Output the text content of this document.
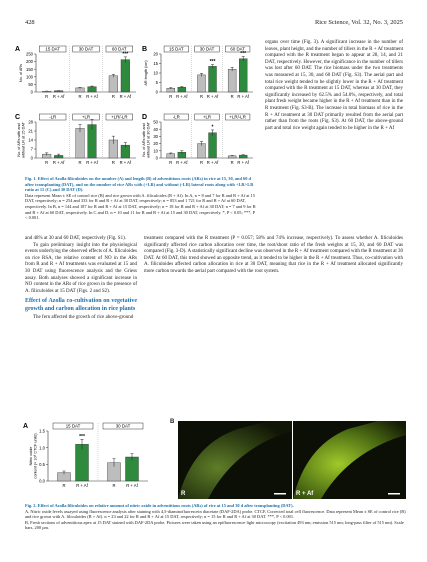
428	Rice Science, Vol. 32, No. 3, 2025
A
0
50
100
150
200
250
No. of ARs
15 DAT	30 DAT	60 DAT
R R + Af	R R + Af	R
***
R + Af
B
0
5
10
15
20
AR length (cm)
15 DAT	30 DAT	60 DAT
R R + Af	R
***
R + Af	R
***
R + Af
C
0
7
14
21
28
No. of ARs with andwithout LR at 15 DAT
-LR	+LR	+LR/-LR
R R + Af	R R + Af	R R + Af
D
0
10
20
30
40
50
No. of ARs with andwithout LR at 30 DAT
-LR	+LR	+LR/-LR
R R + Af	R
*
R + Af	R R + Af
Fig. 1. Effect of Azolla filiculoides on the number (A) and length (B) of adventitious roots (ARs) in rice at 15, 30, and 60 d after transplanting (DAT), and on the number of rice ARs with (+LR) and without (-LR) lateral roots along with +LR/-LR ratio at 15 (C) and 30 DAT (D).
Data represent Mean ± SE of control rice (R) and rice grown with A. filiculoides (R + Af). In A, n = 8 and 7 for R and R + Af at 15 DAT, respectively; n = 254 and 333 for R and R + Af at 30 DAT, respectively; n = 853 and 1 721 for R and R + Af at 60 DAT, respectively. In B, n = 144 and 187 for R and R + Af at 15 DAT, respectively; n = 18 for R and R + Af at 30 DAT; n = 7 and 9 for R and R + Af at 60 DAT, respectively. In C and D, n = 10 and 11 for R and R + Af at 15 and 30 DAT, respectively. *, P < 0.05; ***, P < 0.001.
organs over time (Fig. 3). A significant increase in the number of leaves, plant height, and the number of tillers in the R + Af treatment compared with the R treatment began to appear at 28, 14, and 21 DAT, respectively. However, the significance in the number of tillers was lost after 60 DAT. The rice biomass under the two treatments was measured at 15, 30, and 60 DAT (Fig. S3). The aerial part and total rice weight tended to be slightly lower in the R + Af treatment compared with the R treatment at 15 DAT, whereas at 30 DAT, they significantly increased by 62.5% and 54.0%, respectively, and total plant fresh weight became higher in the R + Af treatment than in the R treatment (Fig. S3-B). The increase in total biomass of rice in the R + Af treatment at 30 DAT primarily resulted from the aerial part rather than from the roots (Fig. S3). At 60 DAT, the above-ground part and total rice weight again tended to be higher in the R + Af
and 48% at 30 and 60 DAT, respectively (Fig. S1).
To gain preliminary insight into the physiological events underlying the observed effects of A. filiculoides on rice RSA, the relative content of NO in the ARs from R and R + Af treatments was evaluated at 15 and 30 DAT using fluorescence analysis and the Griess assay. Both analyses showed a significant increase in NO content in the ARs of rice grown in the presence of A. filiculoides at 15 DAT (Figs. 2 and S2).
Effect of Azolla co-cultivation on vegetative growth and carbon allocation in rice plants
The fern affected the growth of rice above-ground
treatment compared with the R treatment (P = 0.057; 58% and 74% increase, respectively). To assess whether A. filiculoides significantly affected rice carbon allocation over time, the root/shoot ratio of the fresh weights at 15, 30, and 60 DAT was compared (Fig. 3-D). A statistically significant decline was observed in the R + Af treatment compared with the R treatment at 30 DAT. At 60 DAT, this trend showed an opposite trend, as it tended to be higher in the R + Af treatment. Thus, co-cultivation with A. filiculoides affected carbon allocation in rice at 30 DAT, meaning that rice in the R + Af treatment allocated significantly more carbon towards the aerial part compared with the root system.
A
0.0
0.5
1.0
1.5
Nitric oxidecontent (× 10⁸ CTCF units)
15 DAT	30 DAT
R
***
R + Af	R	R + Af
B
R	R + Af
Fig. 2. Effect of Azolla filiculoides on relative amount of nitric oxide in adventitious roots (ARs) of rice at 15 and 30 d after transplanting (DAT).
A, Nitric oxide levels assayed using fluorescence analysis after staining with 4,5-diaminofluorescein diacetate (DAF-2DA) probe. CTCF, Corrected total cell fluorescence. Data represent Mean ± SE of control rice (R) and rice grown with A. filiculoides (R + Af). n = 23 and 22 for R and R + Af at 15 DAT, respectively; n = 15 for R and R + Af at 30 DAT. ***, P < 0.001.
B, Fresh sections of adventitious apex at 15 DAT stained with DAF-2DA probe. Pictures were taken using an epifluorescence light microscopy (excitation 493 nm; emission 515 nm; long-pass filter of 515 nm). Scale bars, 200 μm.
